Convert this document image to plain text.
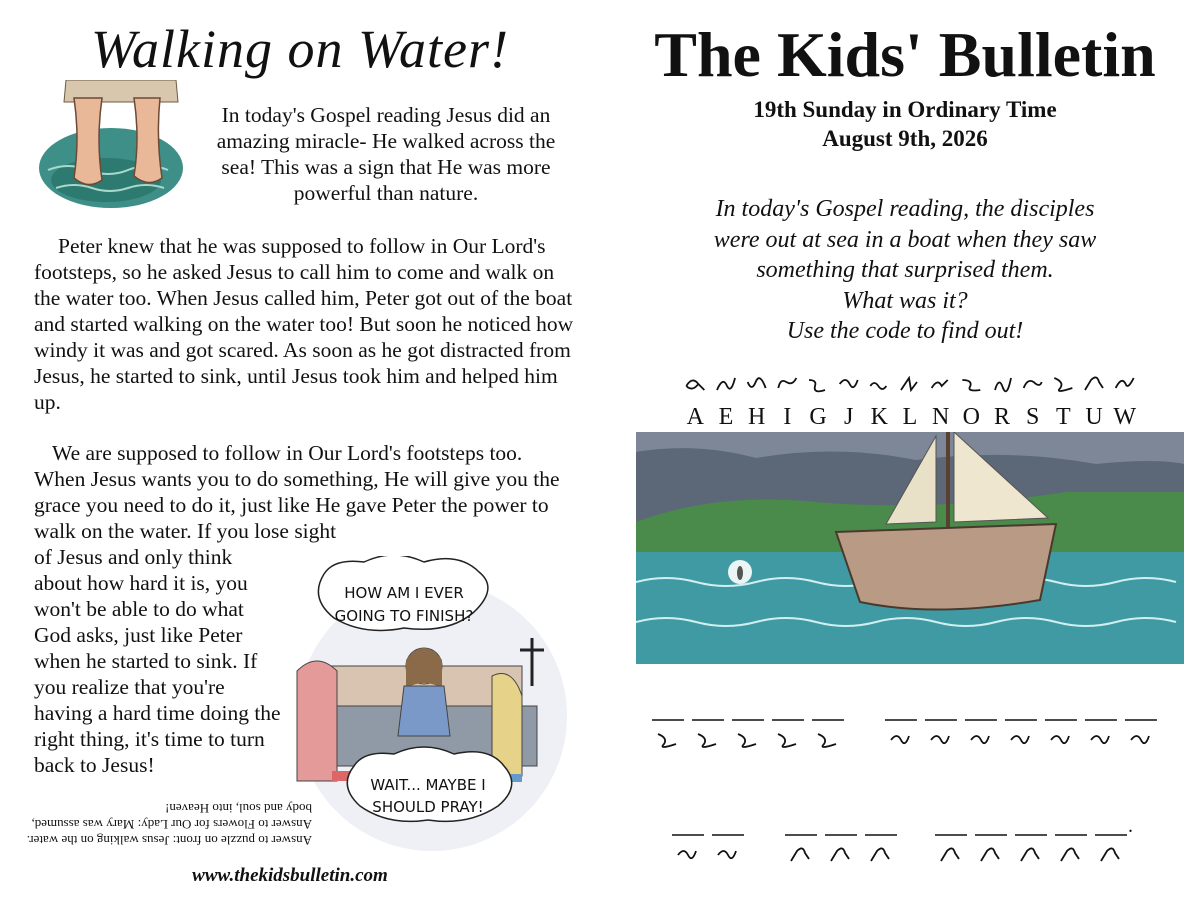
Walking on Water!
In today's Gospel reading Jesus did an amazing miracle- He walked across the sea! This was a sign that He was more powerful than nature.
Peter knew that he was supposed to follow in Our Lord's footsteps, so he asked Jesus to call him to come and walk on the water too. When Jesus called him, Peter got out of the boat and started walking on the water too! But soon he noticed how windy it was and got scared. As soon as he got distracted from Jesus, he started to sink, until Jesus took him and helped him up.
We are supposed to follow in Our Lord's footsteps too. When Jesus wants you to do something, He will give you the grace you need to do it, just like He gave Peter the power to walk on the water. If you lose sight
of Jesus and only think about how hard it is, you won't be able to do what God asks, just like Peter when he started to sink. If you realize that you're having a hard time doing the right thing, it's time to turn back to Jesus!
HOW AM I EVER
GOING TO FINISH?
WAIT... MAYBE I
SHOULD PRAY!
Answer to puzzle on front: Jesus walking on the water. Answer to Flowers for Our Lady: Mary was assumed, body and soul, into Heaven!
www.thekidsbulletin.com
The Kids' Bulletin
19th Sunday in Ordinary Time
August 9th, 2026
In today's Gospel reading, the disciples
were out at sea in a boat when they saw
something that surprised them.
What was it?
Use the code to find out!
A E H I G J K L N O R S T U W
.
